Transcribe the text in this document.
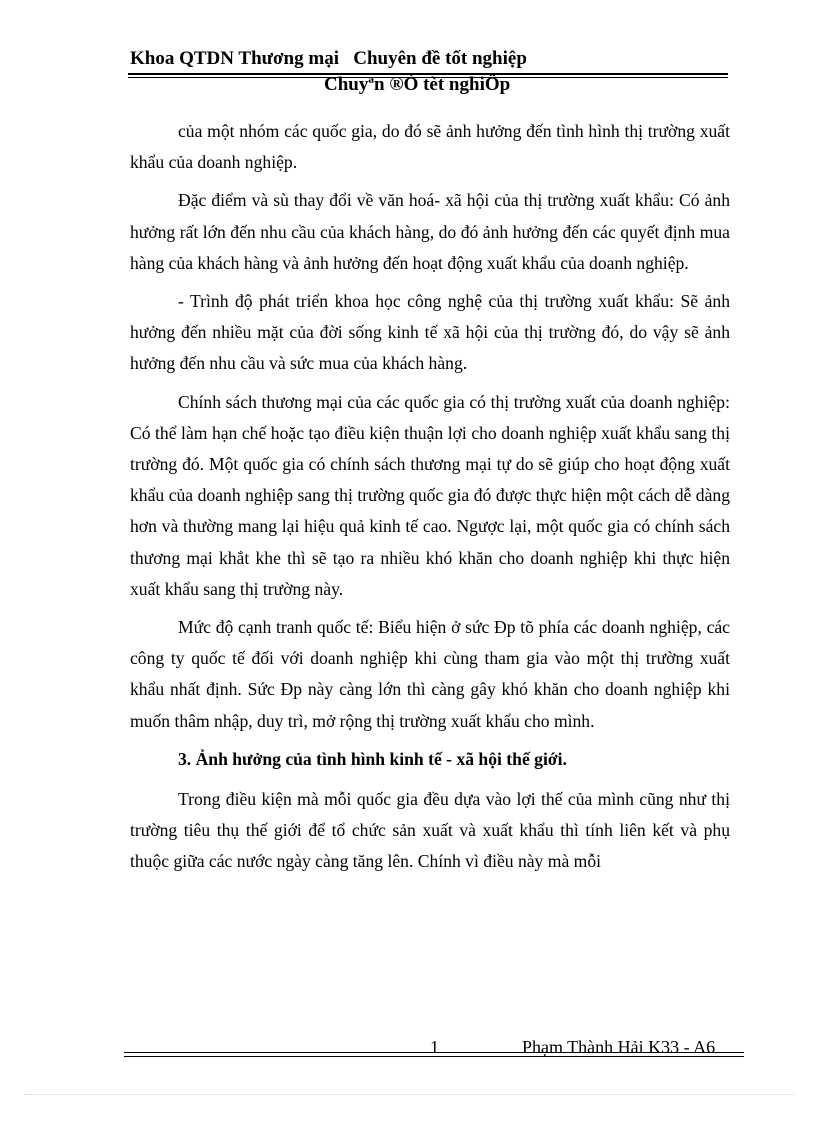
Khoa QTDN Thương mại   Chuyên đề tốt nghiệp
Chuyªn ®Ò tèt nghiÖp

của một nhóm các quốc gia, do đó sẽ ảnh hưởng đến tình hình thị trường xuất khẩu của doanh nghiệp.

Đặc điểm và sù thay đổi về văn hoá- xã hội của thị trường xuất khẩu: Có ảnh hưởng rất lớn đến nhu cầu của khách hàng, do đó ảnh hưởng đến các quyết định mua hàng của khách hàng và ảnh hưởng đến hoạt động xuất khẩu của doanh nghiệp.

- Trình độ phát triển khoa học công nghệ của thị trường xuất khẩu: Sẽ ảnh hưởng đến nhiều mặt của đời sống kinh tế xã hội của thị trường đó, do vậy sẽ ảnh hưởng đến nhu cầu và sức mua của khách hàng.

Chính sách thương mại của các quốc gia có thị trường xuất của doanh nghiệp: Có thể làm hạn chế hoặc tạo điều kiện thuận lợi cho doanh nghiệp xuất khẩu sang thị trường đó. Một quốc gia có chính sách thương mại tự do sẽ giúp cho hoạt động xuất khẩu của doanh nghiệp sang thị trường quốc gia đó được thực hiện một cách dễ dàng hơn và thường mang lại hiệu quả kinh tế cao. Ngược lại, một quốc gia có chính sách thương mại khắt khe thì sẽ tạo ra nhiều khó khăn cho doanh nghiệp khi thực hiện xuất khẩu sang thị trường này.

Mức độ cạnh tranh quốc tế: Biểu hiện ở sức Ðp tõ phía các doanh nghiệp, các công ty quốc tế đối với doanh nghiệp khi cùng tham gia vào một thị trường xuất khẩu nhất định. Sức Ðp này càng lớn thì càng gây khó khăn cho doanh nghiệp khi muốn thâm nhập, duy trì, mở rộng thị trường xuất khẩu cho mình.

3. Ảnh hưởng của tình hình kinh tế - xã hội thế giới.

Trong điều kiện mà mỗi quốc gia đều dựa vào lợi thế của mình cũng như thị trường tiêu thụ thế giới để tổ chức sản xuất và xuất khẩu thì tính liên kết và phụ thuộc giữa các nước ngày càng tăng lên. Chính vì điều này mà mỗi

1	Phạm Thành Hải K33 - A6
